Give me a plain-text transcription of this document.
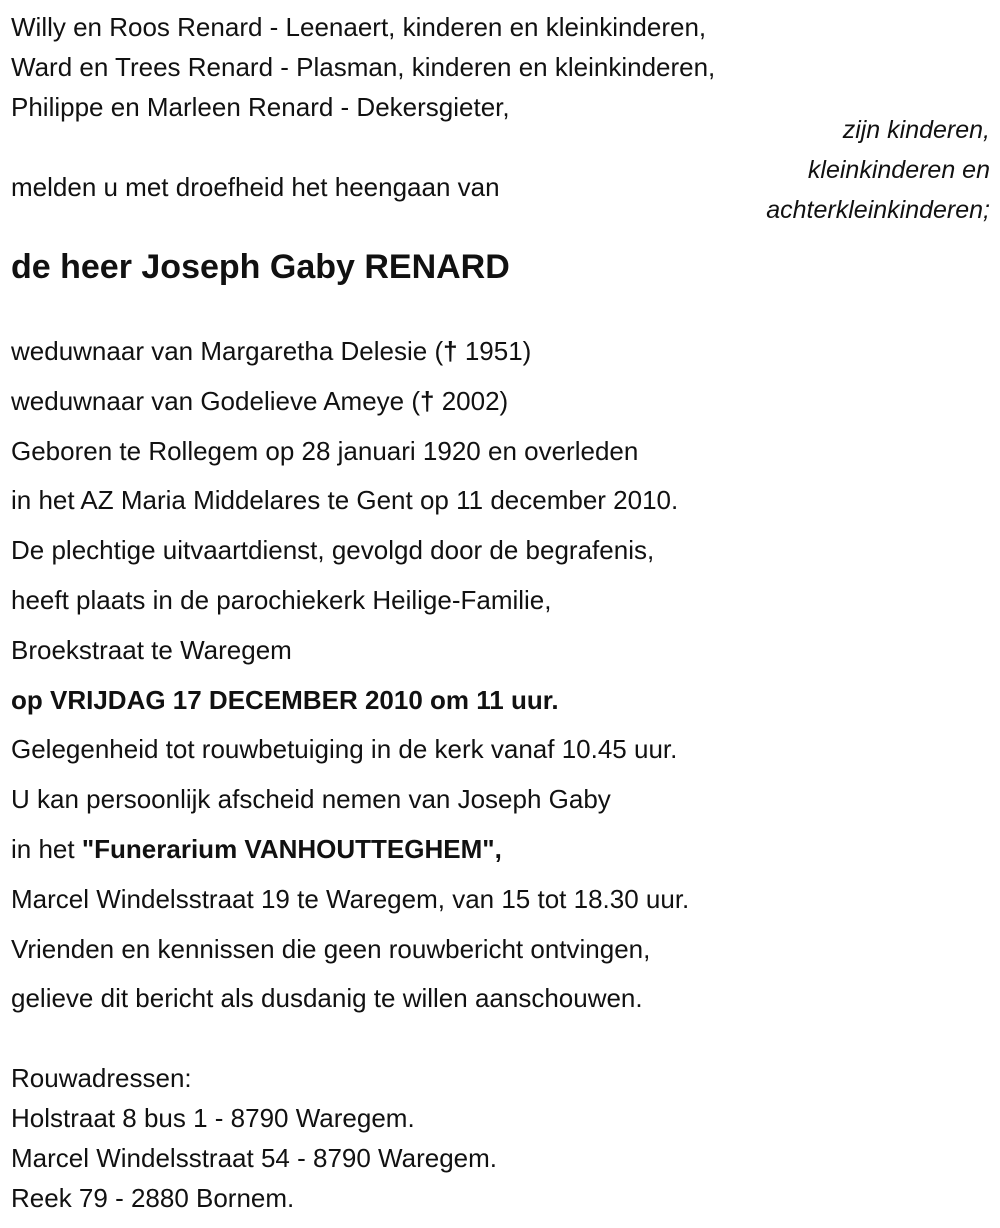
Willy en Roos Renard - Leenaert, kinderen en kleinkinderen,
Ward en Trees Renard - Plasman, kinderen en kleinkinderen,
Philippe en Marleen Renard - Dekersgieter,
zijn kinderen,
kleinkinderen en
achterkleinkinderen;
melden u met droefheid het heengaan van
de heer Joseph Gaby RENARD
weduwnaar van Margaretha Delesie († 1951)
weduwnaar van Godelieve Ameye († 2002)
Geboren te Rollegem op 28 januari 1920 en overleden
in het AZ Maria Middelares te Gent op 11 december 2010.
De plechtige uitvaartdienst, gevolgd door de begrafenis,
heeft plaats in de parochiekerk Heilige-Familie,
Broekstraat te Waregem
op VRIJDAG 17 DECEMBER 2010 om 11 uur.
Gelegenheid tot rouwbetuiging in de kerk vanaf 10.45 uur.
U kan persoonlijk afscheid nemen van Joseph Gaby
in het "Funerarium VANHOUTTEGHEM",
Marcel Windelsstraat 19 te Waregem, van 15 tot 18.30 uur.
Vrienden en kennissen die geen rouwbericht ontvingen,
gelieve dit bericht als dusdanig te willen aanschouwen.
Rouwadressen:
Holstraat 8 bus 1 - 8790 Waregem.
Marcel Windelsstraat 54 - 8790 Waregem.
Reek 79 - 2880 Bornem.
